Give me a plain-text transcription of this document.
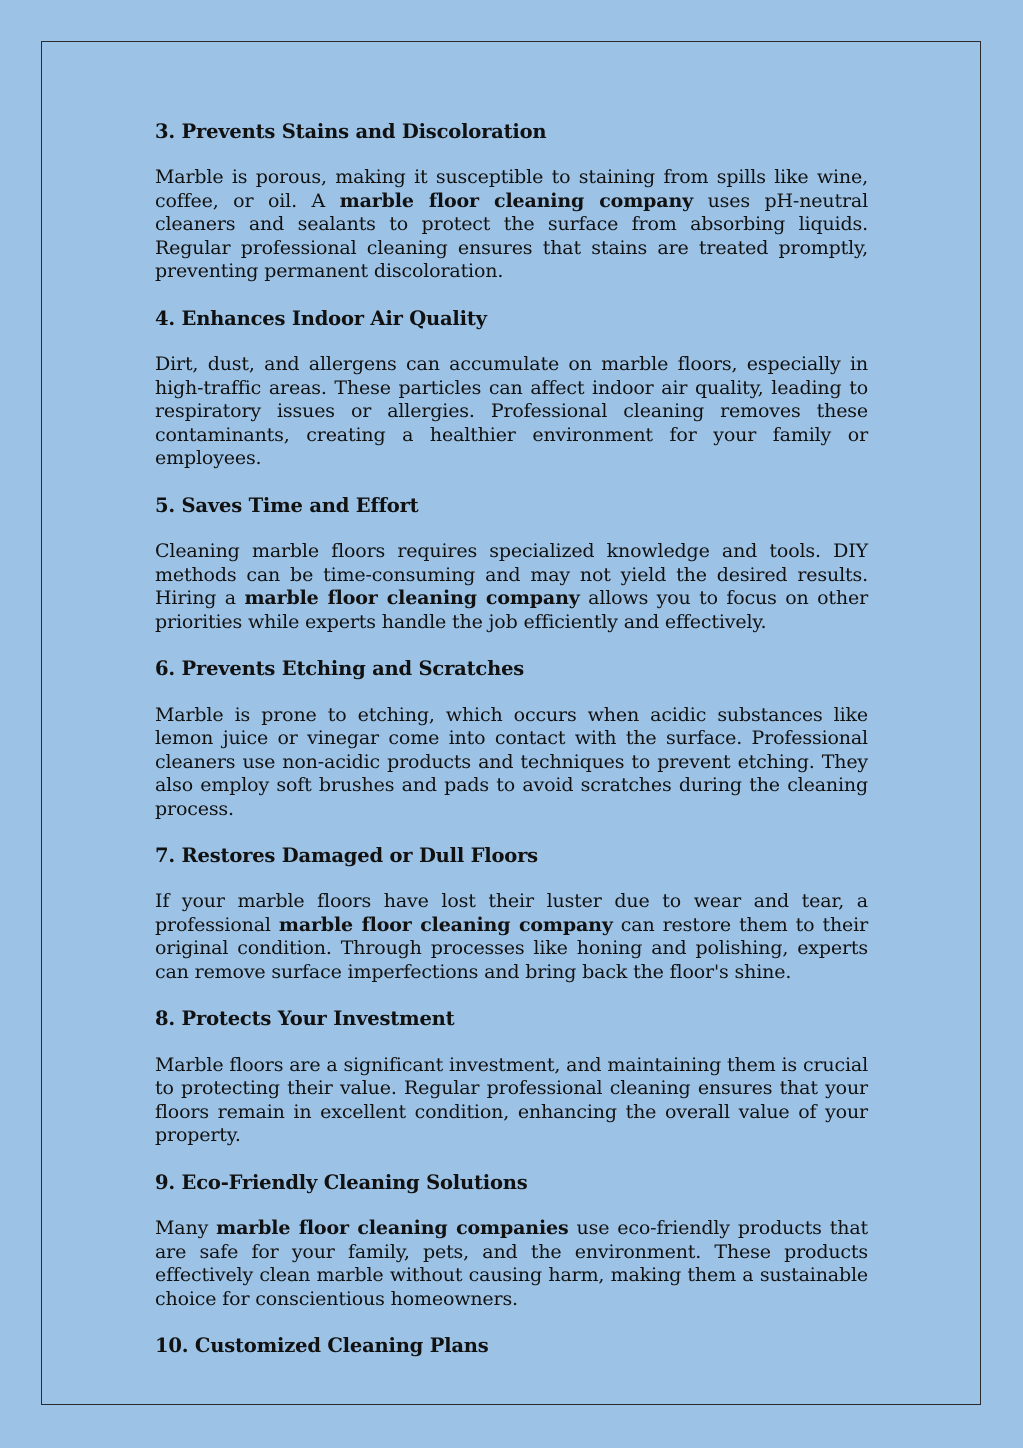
3. Prevents Stains and Discoloration

Marble is porous, making it susceptible to staining from spills like wine, coffee, or oil. A marble floor cleaning company uses pH-neutral cleaners and sealants to protect the surface from absorbing liquids. Regular professional cleaning ensures that stains are treated promptly, preventing permanent discoloration.

4. Enhances Indoor Air Quality

Dirt, dust, and allergens can accumulate on marble floors, especially in high-traffic areas. These particles can affect indoor air quality, leading to respiratory issues or allergies. Professional cleaning removes these contaminants, creating a healthier environment for your family or employees.

5. Saves Time and Effort

Cleaning marble floors requires specialized knowledge and tools. DIY methods can be time-consuming and may not yield the desired results. Hiring a marble floor cleaning company allows you to focus on other priorities while experts handle the job efficiently and effectively.

6. Prevents Etching and Scratches

Marble is prone to etching, which occurs when acidic substances like lemon juice or vinegar come into contact with the surface. Professional cleaners use non-acidic products and techniques to prevent etching. They also employ soft brushes and pads to avoid scratches during the cleaning process.

7. Restores Damaged or Dull Floors

If your marble floors have lost their luster due to wear and tear, a professional marble floor cleaning company can restore them to their original condition. Through processes like honing and polishing, experts can remove surface imperfections and bring back the floor's shine.

8. Protects Your Investment

Marble floors are a significant investment, and maintaining them is crucial to protecting their value. Regular professional cleaning ensures that your floors remain in excellent condition, enhancing the overall value of your property.

9. Eco-Friendly Cleaning Solutions

Many marble floor cleaning companies use eco-friendly products that are safe for your family, pets, and the environment. These products effectively clean marble without causing harm, making them a sustainable choice for conscientious homeowners.

10. Customized Cleaning Plans
